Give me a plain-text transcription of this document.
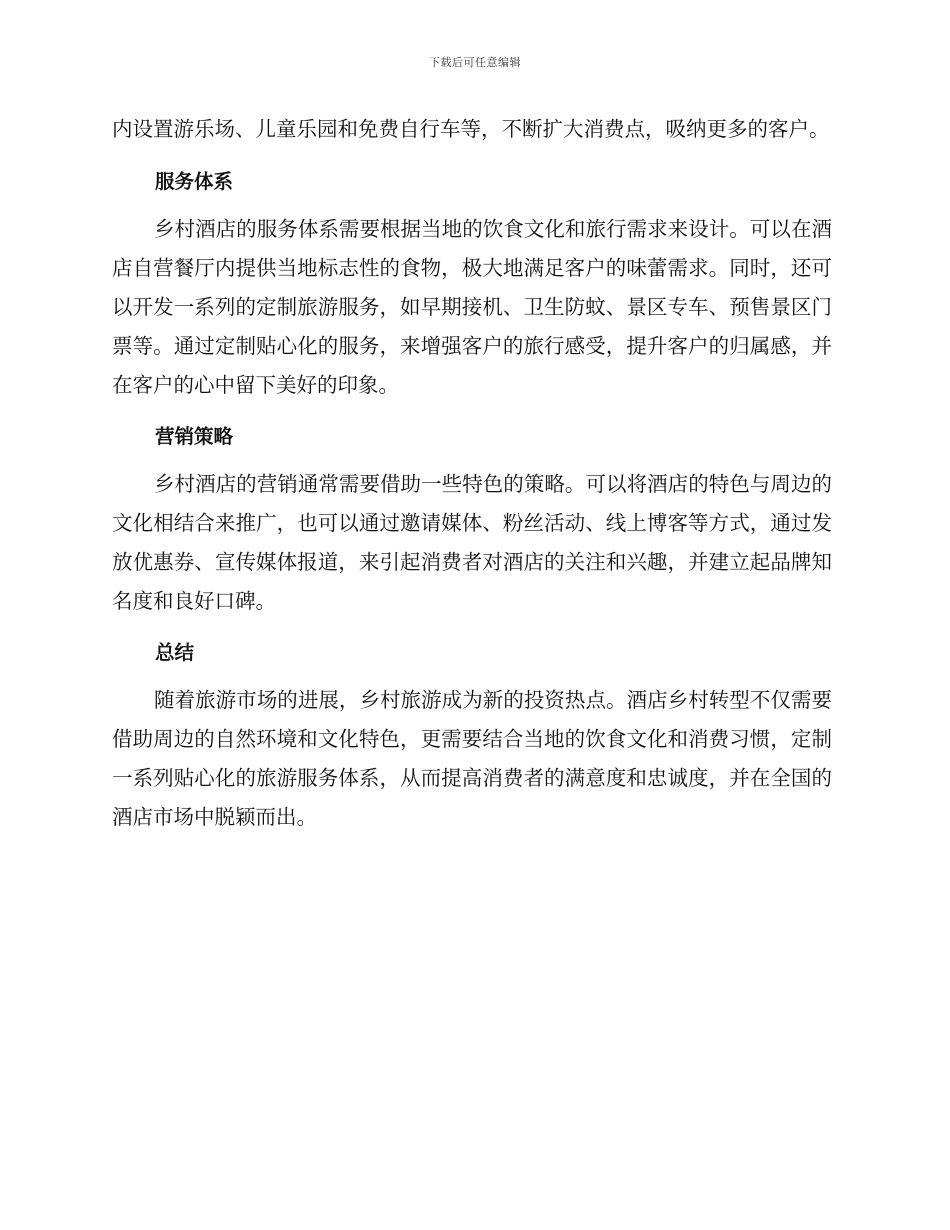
下载后可任意编辑

内设置游乐场、儿童乐园和免费自行车等，不断扩大消费点，吸纳更多的客户。

服务体系

乡村酒店的服务体系需要根据当地的饮食文化和旅行需求来设计。可以在酒店自营餐厅内提供当地标志性的食物，极大地满足客户的味蕾需求。同时，还可以开发一系列的定制旅游服务，如早期接机、卫生防蚊、景区专车、预售景区门票等。通过定制贴心化的服务，来增强客户的旅行感受，提升客户的归属感，并在客户的心中留下美好的印象。

营销策略

乡村酒店的营销通常需要借助一些特色的策略。可以将酒店的特色与周边的文化相结合来推广，也可以通过邀请媒体、粉丝活动、线上博客等方式，通过发放优惠券、宣传媒体报道，来引起消费者对酒店的关注和兴趣，并建立起品牌知名度和良好口碑。

总结

随着旅游市场的进展，乡村旅游成为新的投资热点。酒店乡村转型不仅需要借助周边的自然环境和文化特色，更需要结合当地的饮食文化和消费习惯，定制一系列贴心化的旅游服务体系，从而提高消费者的满意度和忠诚度，并在全国的酒店市场中脱颖而出。
